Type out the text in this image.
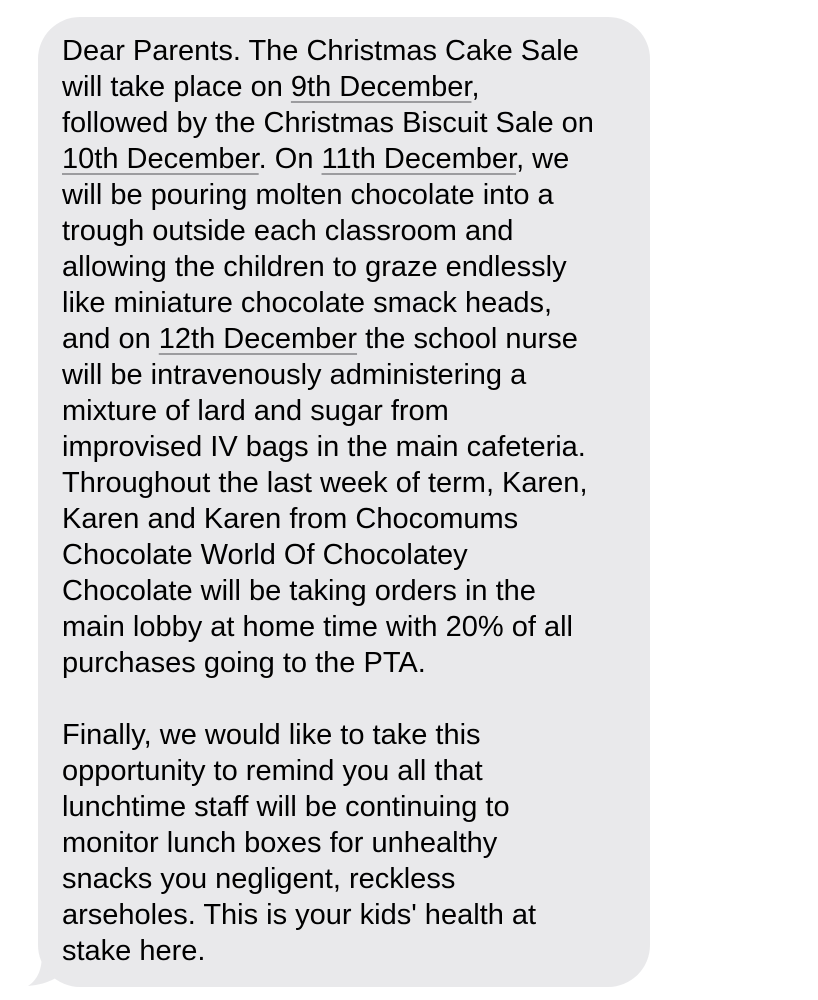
Dear Parents. The Christmas Cake Sale
will take place on 9th December,
followed by the Christmas Biscuit Sale on
10th December. On 11th December, we
will be pouring molten chocolate into a
trough outside each classroom and
allowing the children to graze endlessly
like miniature chocolate smack heads,
and on 12th December the school nurse
will be intravenously administering a
mixture of lard and sugar from
improvised IV bags in the main cafeteria.
Throughout the last week of term, Karen,
Karen and Karen from Chocomums
Chocolate World Of Chocolatey
Chocolate will be taking orders in the
main lobby at home time with 20% of all
purchases going to the PTA.
Finally, we would like to take this
opportunity to remind you all that
lunchtime staff will be continuing to
monitor lunch boxes for unhealthy
snacks you negligent, reckless
arseholes. This is your kids' health at
stake here.
